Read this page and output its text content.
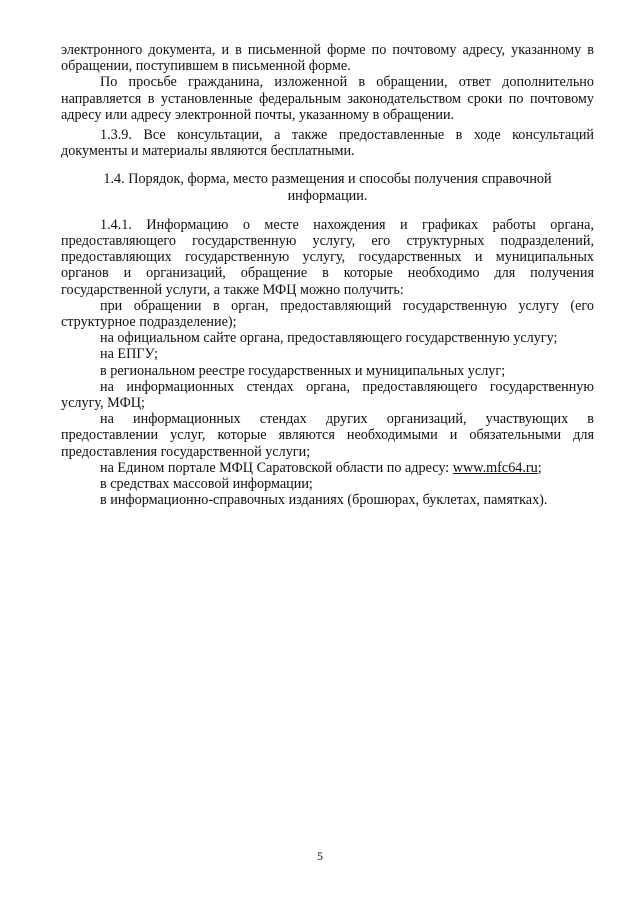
электронного документа, и в письменной форме по почтовому адресу, указанному в обращении, поступившем в письменной форме.

По просьбе гражданина, изложенной в обращении, ответ дополнительно направляется в установленные федеральным законодательством сроки по почтовому адресу или адресу электронной почты, указанному в обращении.

1.3.9. Все консультации, а также предоставленные в ходе консультаций документы и материалы являются бесплатными.

1.4. Порядок, форма, место размещения и способы получения справочной информации.

1.4.1. Информацию о месте нахождения и графиках работы органа, предоставляющего государственную услугу, его структурных подразделений, предоставляющих государственную услугу, государственных и муниципальных органов и организаций, обращение в которые необходимо для получения государственной услуги, а также МФЦ можно получить:

при обращении в орган, предоставляющий государственную услугу (его структурное подразделение);

на официальном сайте органа, предоставляющего государственную услугу;

на ЕПГУ;

в региональном реестре государственных и муниципальных услуг;

на информационных стендах органа, предоставляющего государственную услугу, МФЦ;

на информационных стендах других организаций, участвующих в предоставлении услуг, которые являются необходимыми и обязательными для предоставления государственной услуги;

на Едином портале МФЦ Саратовской области по адресу: www.mfc64.ru;

в средствах массовой информации;

в информационно-справочных изданиях (брошюрах, буклетах, памятках).

5
